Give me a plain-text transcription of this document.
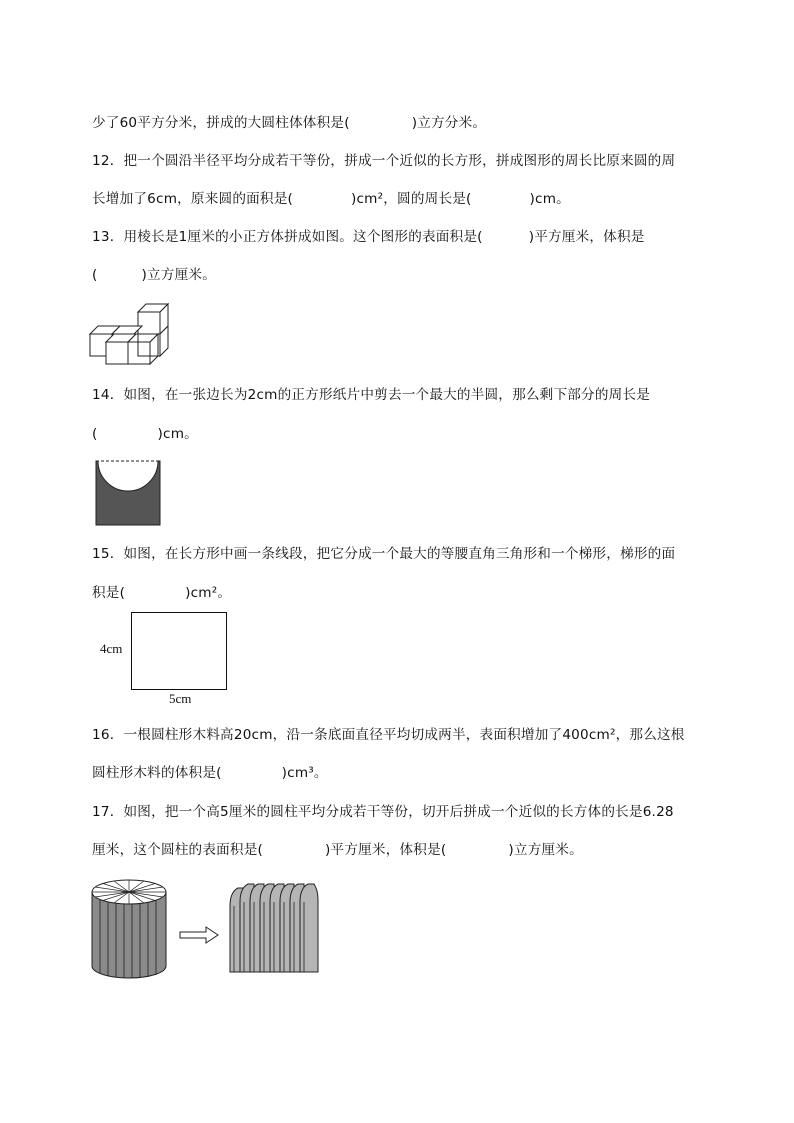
少了60平方分米，拼成的大圆柱体体积是(	)立方分米。
12．把一个圆沿半径平均分成若干等份，拼成一个近似的长方形，拼成图形的周长比原来圆的周
长增加了6cm，原来圆的面积是(	)cm²，圆的周长是(	)cm。
13．用棱长是1厘米的小正方体拼成如图。这个图形的表面积是(	)平方厘米，体积是
(	)立方厘米。
14．如图，在一张边长为2cm的正方形纸片中剪去一个最大的半圆，那么剩下部分的周长是
(	)cm。
15．如图，在长方形中画一条线段，把它分成一个最大的等腰直角三角形和一个梯形，梯形的面
积是(	)cm²。
4cm
5cm
16．一根圆柱形木料高20cm，沿一条底面直径平均切成两半，表面积增加了400cm²，那么这根
圆柱形木料的体积是(	)cm³。
17．如图，把一个高5厘米的圆柱平均分成若干等份，切开后拼成一个近似的长方体的长是6.28
厘米，这个圆柱的表面积是(	)平方厘米，体积是(	)立方厘米。
